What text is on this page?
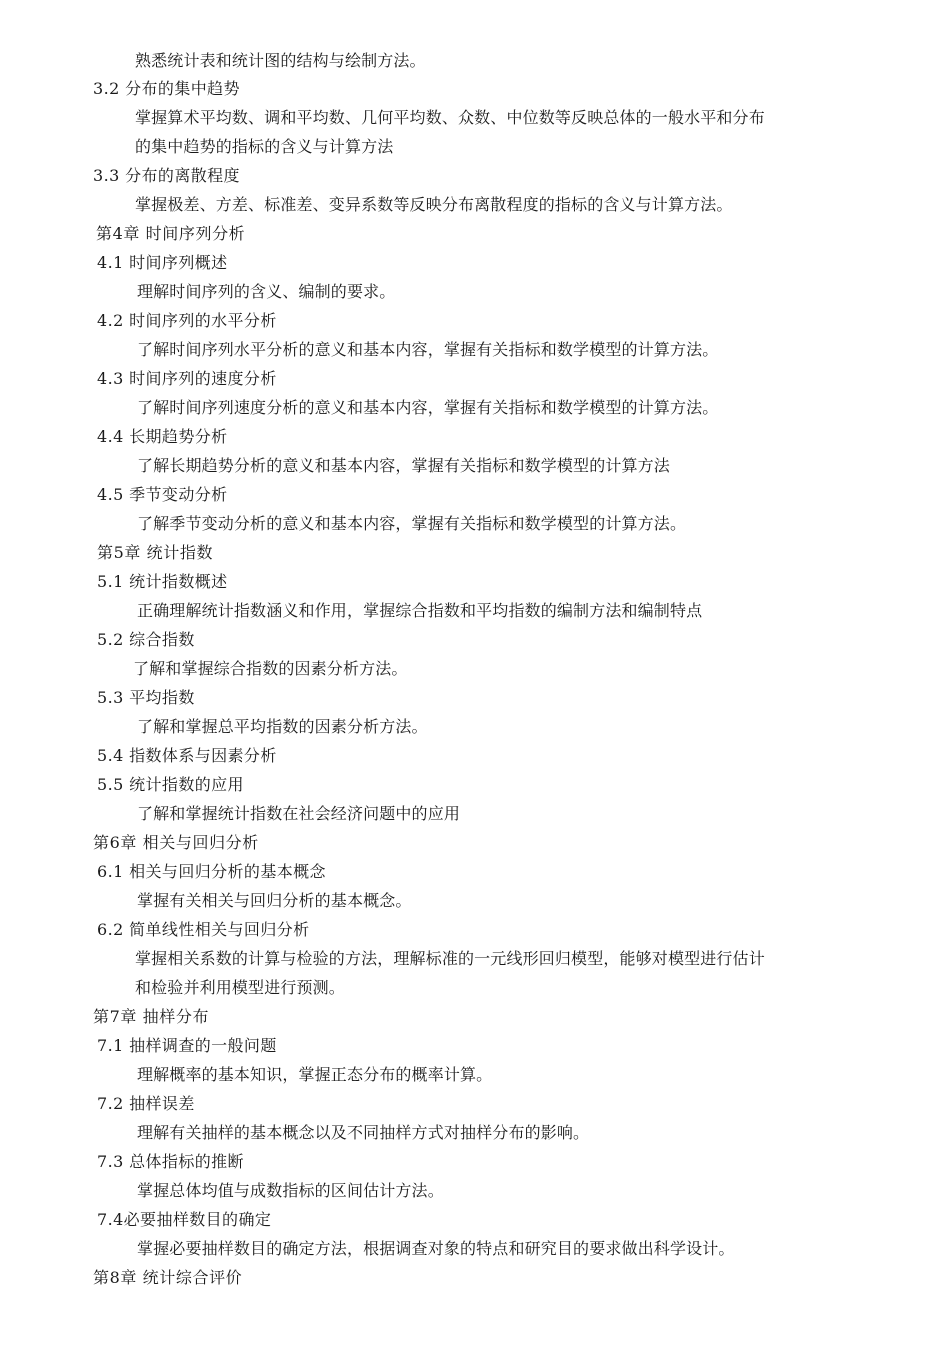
熟悉统计表和统计图的结构与绘制方法。
3.2 分布的集中趋势
掌握算术平均数、调和平均数、几何平均数、众数、中位数等反映总体的一般水平和分布
的集中趋势的指标的含义与计算方法
3.3 分布的离散程度
掌握极差、方差、标准差、变异系数等反映分布离散程度的指标的含义与计算方法。
第4章 时间序列分析
4.1 时间序列概述
理解时间序列的含义、编制的要求。
4.2 时间序列的水平分析
了解时间序列水平分析的意义和基本内容，掌握有关指标和数学模型的计算方法。
4.3 时间序列的速度分析
了解时间序列速度分析的意义和基本内容，掌握有关指标和数学模型的计算方法。
4.4 长期趋势分析
了解长期趋势分析的意义和基本内容，掌握有关指标和数学模型的计算方法
4.5 季节变动分析
了解季节变动分析的意义和基本内容，掌握有关指标和数学模型的计算方法。
第5章 统计指数
5.1 统计指数概述
正确理解统计指数涵义和作用，掌握综合指数和平均指数的编制方法和编制特点
5.2 综合指数
了解和掌握综合指数的因素分析方法。
5.3 平均指数
了解和掌握总平均指数的因素分析方法。
5.4 指数体系与因素分析
5.5 统计指数的应用
了解和掌握统计指数在社会经济问题中的应用
第6章 相关与回归分析
6.1 相关与回归分析的基本概念
掌握有关相关与回归分析的基本概念。
6.2 简单线性相关与回归分析
掌握相关系数的计算与检验的方法，理解标准的一元线形回归模型，能够对模型进行估计
和检验并利用模型进行预测。
第7章 抽样分布
7.1 抽样调查的一般问题
理解概率的基本知识，掌握正态分布的概率计算。
7.2 抽样误差
理解有关抽样的基本概念以及不同抽样方式对抽样分布的影响。
7.3 总体指标的推断
掌握总体均值与成数指标的区间估计方法。
7.4必要抽样数目的确定
掌握必要抽样数目的确定方法，根据调查对象的特点和研究目的要求做出科学设计。
第8章 统计综合评价
